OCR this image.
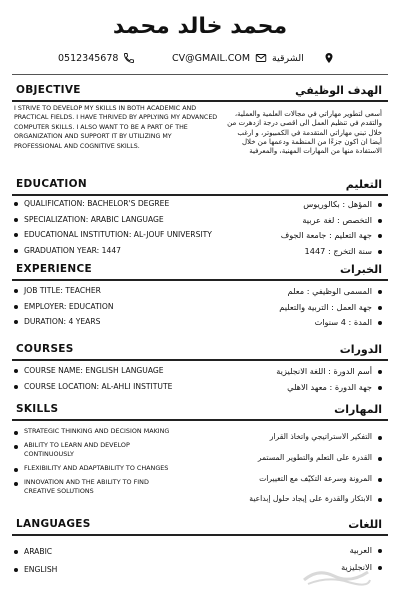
محمد خالد محمد
0512345678	CV@GMAIL.COM الشرقية
OBJECTIVE	الهدف الوظيفي
I STRIVE TO DEVELOP MY SKILLS IN BOTH ACADEMIC AND PRACTICAL FIELDS. I HAVE THRIVED BY APPLYING MY ADVANCED COMPUTER SKILLS. I ALSO WANT TO BE A PART OF THE ORGANIZATION AND SUPPORT IT BY UTILIZING MY PROFESSIONAL AND COGNITIVE SKILLS.
أسعى لتطوير مهاراتي في مجالات العلمية والعملية، والتقدم في تنظيم العمل الى اقصى درجة ازدهرت من خلال تبني مهاراتي المتقدمة في الكمبيوتر، و ارغب أيضا ان اكون جزءًا من المنظمة ودعمها من خلال الاستفادة منها من المهارات المهنية، والمعرفية
EDUCATION	التعليم
QUALIFICATION: BACHELOR'S DEGREE
SPECIALIZATION: ARABIC LANGUAGE
EDUCATIONAL INSTITUTION: AL-JOUF UNIVERSITY
GRADUATION YEAR: 1447
المؤهل : بكالوريوس
التخصص : لغة عربية
جهة التعليم : جامعة الجوف
سنة التخرج : 1447
EXPERIENCE	الخبرات
JOB TITLE: TEACHER
EMPLOYER: EDUCATION
DURATION: 4 YEARS
المسمى الوظيفي : معلم
جهة العمل : التربية والتعليم
المدة : 4 سنوات
COURSES	الدورات
COURSE NAME: ENGLISH LANGUAGE
COURSE LOCATION: AL-AHLI INSTITUTE
أسم الدورة : اللغة الانجليزية
جهة الدورة : معهد الاهلي
SKILLS	المهارات
STRATEGIC THINKING AND DECISION MAKING
ABILITY TO LEARN AND DEVELOP CONTINUOUSLY
FLEXIBILITY AND ADAPTABILITY TO CHANGES
INNOVATION AND THE ABILITY TO FIND CREATIVE SOLUTIONS
التفكير الاستراتيجي واتخاذ القرار
القدرة على التعلم والتطوير المستمر
المرونة وسرعة التكيّف مع التغييرات
الابتكار والقدرة على إيجاد حلول إبداعية
LANGUAGES	اللغات
ARABIC
ENGLISH
العربية
الانجليزية
